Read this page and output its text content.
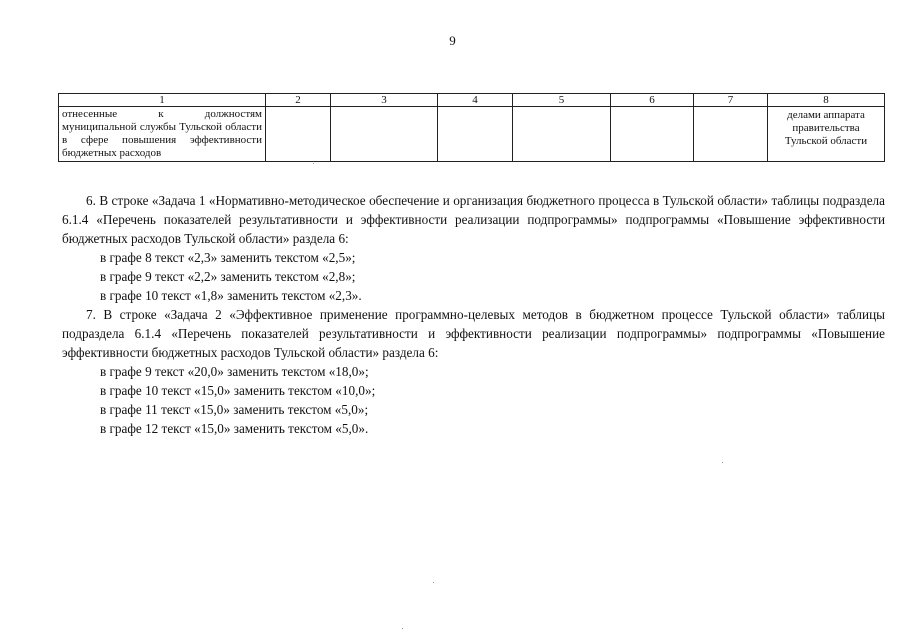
9
1	2	3	4	5	6	7	8
отнесенные к должностям муниципальной службы Тульской области в сфере повышения эффективности бюджетных расходов							делами аппарата правительства Тульской области

6. В строке «Задача 1 «Нормативно-методическое обеспечение и организация бюджетного процесса в Тульской области» таблицы подраздела 6.1.4 «Перечень показателей результативности и эффективности реализации подпрограммы» подпрограммы «Повышение эффективности бюджетных расходов Тульской области» раздела 6:

в графе 8 текст «2,3» заменить текстом «2,5»;

в графе 9 текст «2,2» заменить текстом «2,8»;

в графе 10 текст «1,8» заменить текстом «2,3».

7. В строке «Задача 2 «Эффективное применение программно-целевых методов в бюджетном процессе Тульской области» таблицы подраздела 6.1.4 «Перечень показателей результативности и эффективности реализации подпрограммы» подпрограммы «Повышение эффективности бюджетных расходов Тульской области» раздела 6:

в графе 9 текст «20,0» заменить текстом «18,0»;

в графе 10 текст «15,0» заменить текстом «10,0»;

в графе 11 текст «15,0» заменить текстом «5,0»;

в графе 12 текст «15,0» заменить текстом «5,0».
